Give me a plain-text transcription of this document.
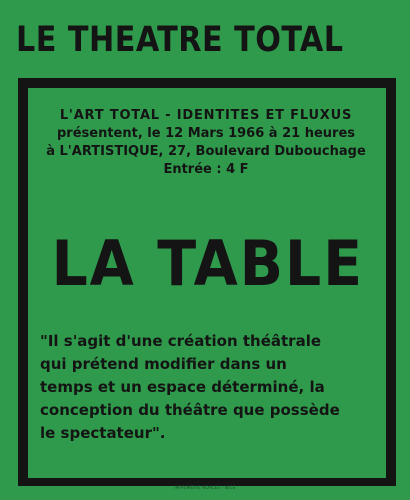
LE THEATRE TOTAL
L'ART TOTAL - IDENTITES ET FLUXUS
présentent, le 12 Mars 1966 à 21 heures
à L'ARTISTIQUE, 27, Boulevard Dubouchage
Entrée : 4 F
LA TABLE
"Il s'agit d'une création théâtrale
qui prétend modifier dans un
temps et un espace déterminé, la
conception du théâtre que possède
le spectateur".
IMPRIMERIE NOALES · NICE
